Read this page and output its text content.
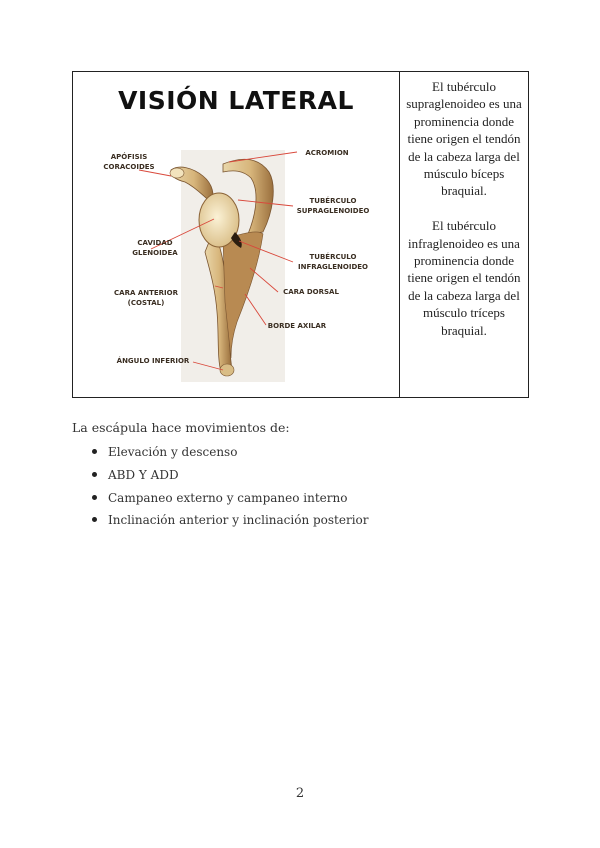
VISIÓN LATERAL
APÓFISIS
CORACOIDES
ACROMION
TUBÉRCULO
SUPRAGLENOIDEO
CAVIDAD
GLENOIDEA	TUBÉRCULO
INFRAGLENOIDEO
CARA ANTERIOR
(COSTAL)
CARA DORSAL
BORDE AXILAR
ÁNGULO INFERIOR

El tubérculo supraglenoideo es una prominencia donde tiene origen el tendón de la cabeza larga del músculo bíceps braquial.

El tubérculo infraglenoideo es una prominencia donde tiene origen el tendón de la cabeza larga del músculo tríceps braquial.

La escápula hace movimientos de:
Elevación y descenso
ABD Y ADD
Campaneo externo y campaneo interno
Inclinación anterior y inclinación posterior
2
